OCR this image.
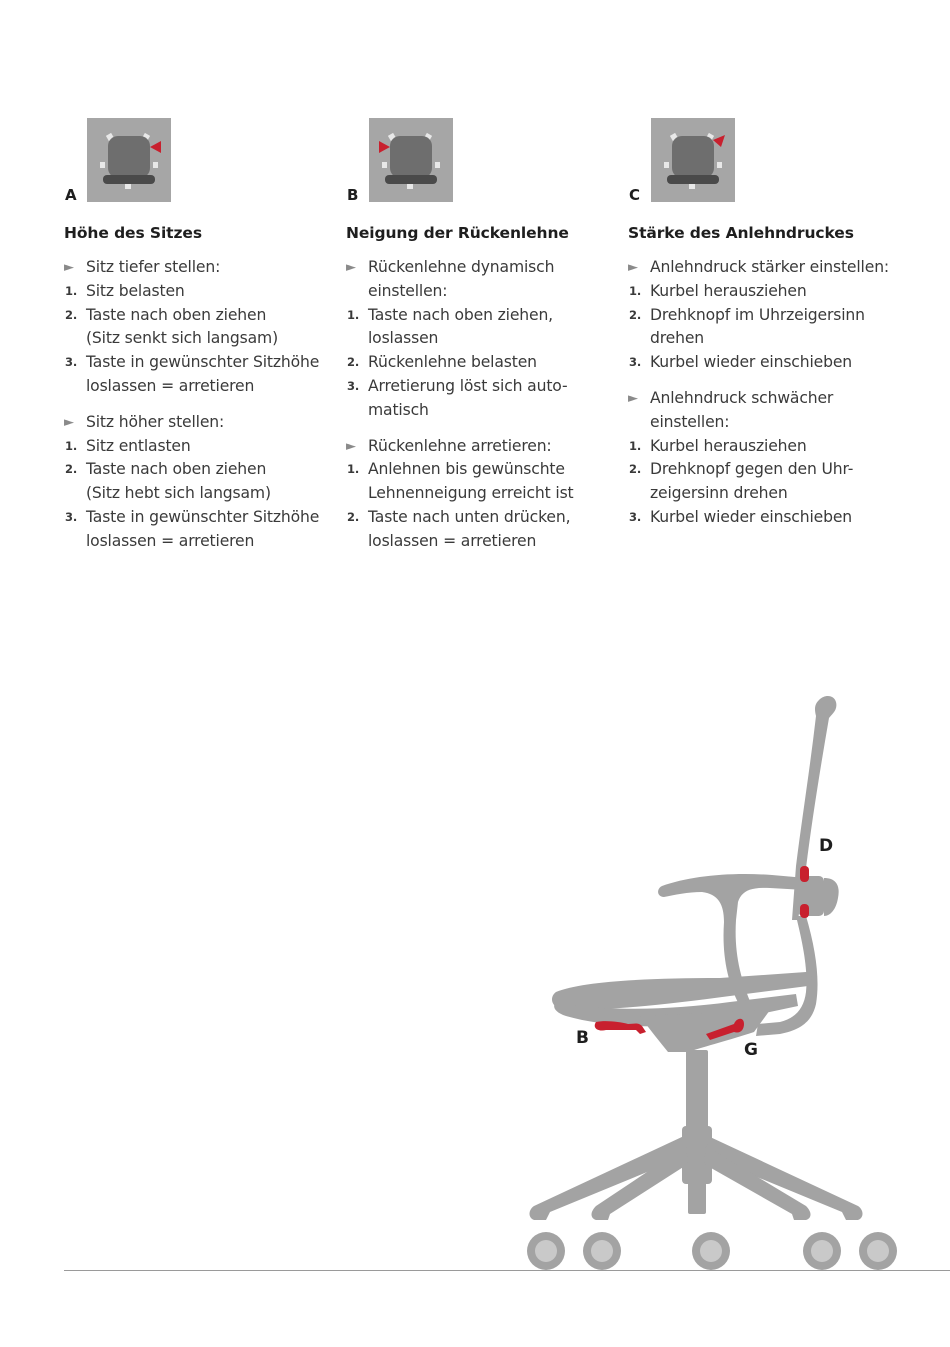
A
Höhe des Sitzes
► Sitz tiefer stellen:
1. Sitz belasten
2. Taste nach oben ziehen
(Sitz senkt sich langsam)
3. Taste in gewünschter Sitzhöhe
loslassen = arretieren
► Sitz höher stellen:
1. Sitz entlasten
2. Taste nach oben ziehen
(Sitz hebt sich langsam)
3. Taste in gewünschter Sitzhöhe
loslassen = arretieren
B
Neigung der Rückenlehne
► Rückenlehne dynamisch
einstellen:
1. Taste nach oben ziehen,
loslassen
2. Rückenlehne belasten
3. Arretierung löst sich auto-
matisch
► Rückenlehne arretieren:
1. Anlehnen bis gewünschte
Lehnenneigung erreicht ist
2. Taste nach unten drücken,
loslassen = arretieren
C
Stärke des Anlehndruckes
► Anlehndruck stärker einstellen:
1. Kurbel herausziehen
2. Drehknopf im Uhrzeigersinn
drehen
3. Kurbel wieder einschieben
► Anlehndruck schwächer
einstellen:
1. Kurbel herausziehen
2. Drehknopf gegen den Uhr-
zeigersinn drehen
3. Kurbel wieder einschieben
D
B
G
